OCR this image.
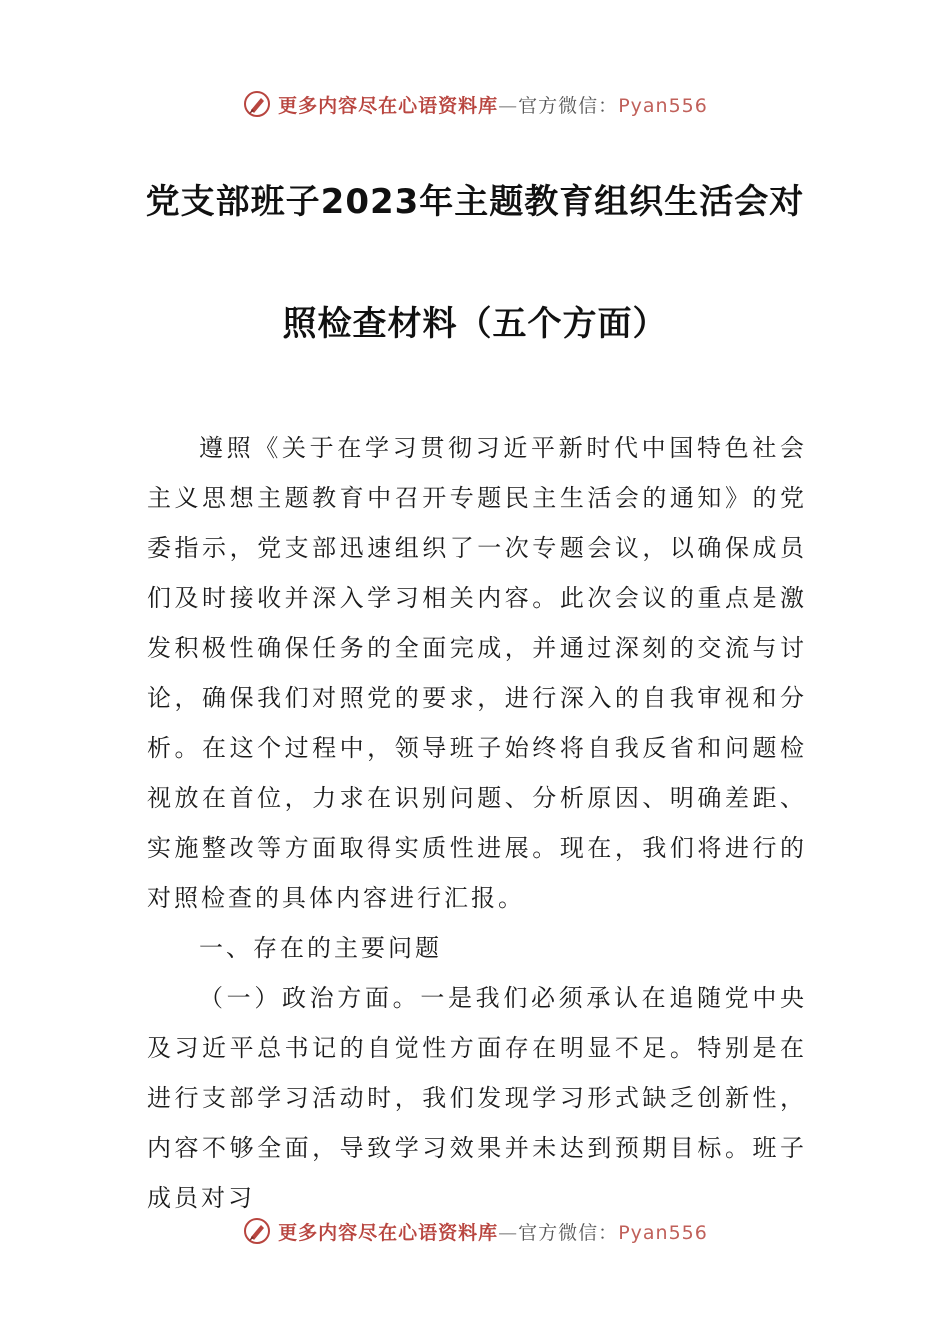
更多内容尽在心语资料库—官方微信：Pyan556
党支部班子2023年主题教育组织生活会对
照检查材料（五个方面）

遵照《关于在学习贯彻习近平新时代中国特色社会主义思想主题教育中召开专题民主生活会的通知》的党委指示，党支部迅速组织了一次专题会议，以确保成员们及时接收并深入学习相关内容。此次会议的重点是激发积极性确保任务的全面完成，并通过深刻的交流与讨论，确保我们对照党的要求，进行深入的自我审视和分析。在这个过程中，领导班子始终将自我反省和问题检视放在首位，力求在识别问题、分析原因、明确差距、实施整改等方面取得实质性进展。现在，我们将进行的对照检查的具体内容进行汇报。

一、存在的主要问题

（一）政治方面。一是我们必须承认在追随党中央及习近平总书记的自觉性方面存在明显不足。特别是在进行支部学习活动时，我们发现学习形式缺乏创新性，内容不够全面，导致学习效果并未达到预期目标。班子成员对习

更多内容尽在心语资料库—官方微信：Pyan556
